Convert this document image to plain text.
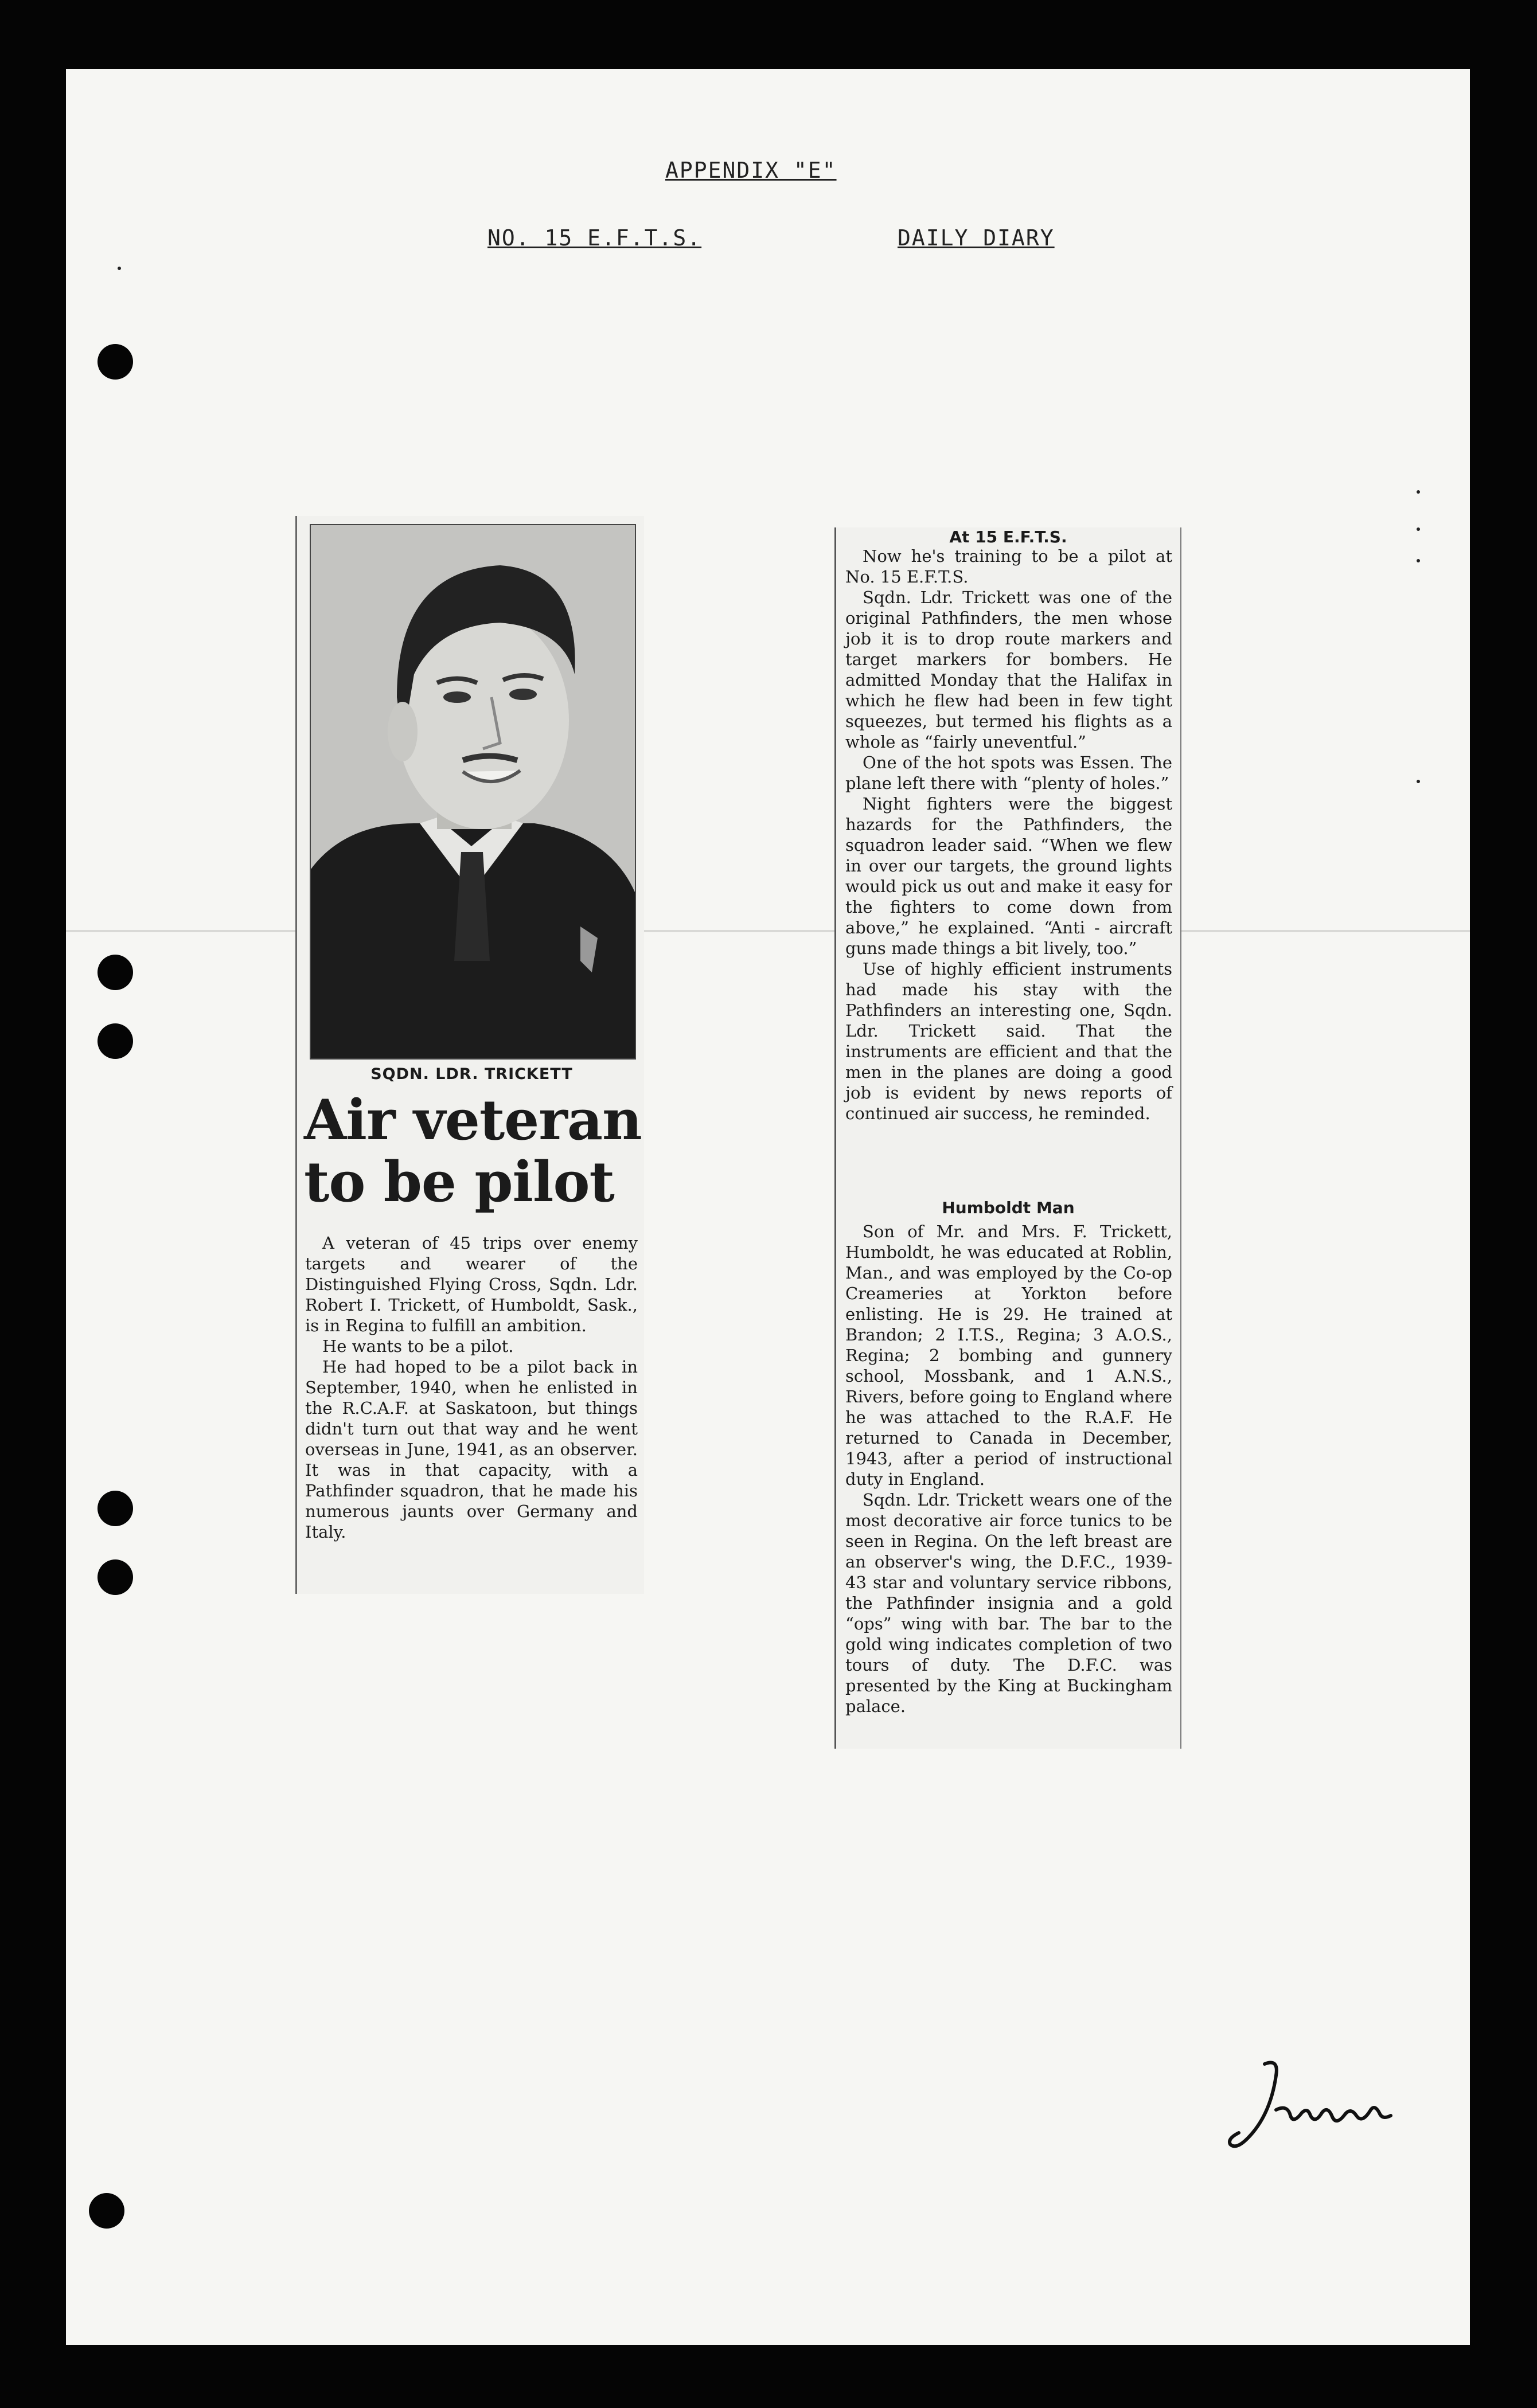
APPENDIX "E"
NO. 15 E.F.T.S.	DAILY DIARY
SQDN. LDR. TRICKETT
Air veteran
to be pilot

A veteran of 45 trips over enemy targets and wearer of the Distinguished Flying Cross, Sqdn. Ldr. Robert I. Trickett, of Humboldt, Sask., is in Regina to fulfill an ambition.

He wants to be a pilot.

He had hoped to be a pilot back in September, 1940, when he enlisted in the R.C.A.F. at Saskatoon, but things didn't turn out that way and he went overseas in June, 1941, as an observer. It was in that capacity, with a Pathfinder squadron, that he made his numerous jaunts over Germany and Italy.

At 15 E.F.T.S.

Now he's training to be a pilot at No. 15 E.F.T.S.

Sqdn. Ldr. Trickett was one of the original Pathfinders, the men whose job it is to drop route markers and target markers for bombers. He admitted Monday that the Halifax in which he flew had been in few tight squeezes, but termed his flights as a whole as “fairly uneventful.”

One of the hot spots was Essen. The plane left there with “plenty of holes.”

Night fighters were the biggest hazards for the Pathfinders, the squadron leader said. “When we flew in over our targets, the ground lights would pick us out and make it easy for the fighters to come down from above,” he explained. “Anti - aircraft guns made things a bit lively, too.”

Use of highly efficient instruments had made his stay with the Pathfinders an interesting one, Sqdn. Ldr. Trickett said. That the instruments are efficient and that the men in the planes are doing a good job is evident by news reports of continued air success, he reminded.

Humboldt Man

Son of Mr. and Mrs. F. Trickett, Humboldt, he was educated at Roblin, Man., and was employed by the Co-op Creameries at Yorkton before enlisting. He is 29. He trained at Brandon; 2 I.T.S., Regina; 3 A.O.S., Regina; 2 bombing and gunnery school, Mossbank, and 1 A.N.S., Rivers, before going to England where he was attached to the R.A.F. He returned to Canada in December, 1943, after a period of instructional duty in England.

Sqdn. Ldr. Trickett wears one of the most decorative air force tunics to be seen in Regina. On the left breast are an observer's wing, the D.F.C., 1939-43 star and voluntary service ribbons, the Pathfinder insignia and a gold “ops” wing with bar. The bar to the gold wing indicates completion of two tours of duty. The D.F.C. was presented by the King at Buckingham palace.
